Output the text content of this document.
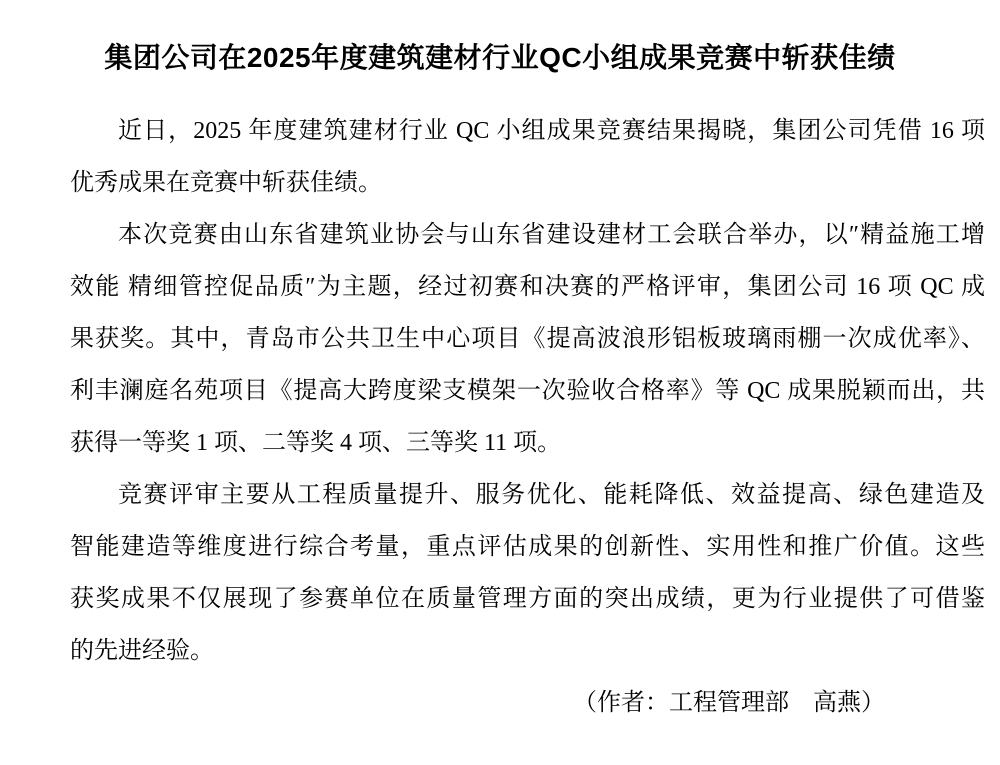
集团公司在2025年度建筑建材行业QC小组成果竞赛中斩获佳绩
近日，2025 年度建筑建材行业 QC 小组成果竞赛结果揭晓，集团公司凭借 16 项
优秀成果在竞赛中斩获佳绩。
本次竞赛由山东省建筑业协会与山东省建设建材工会联合举办，以″精益施工增
效能 精细管控促品质″为主题，经过初赛和决赛的严格评审，集团公司 16 项 QC 成
果获奖。其中，青岛市公共卫生中心项目《提高波浪形铝板玻璃雨棚一次成优率》、
利丰澜庭名苑项目《提高大跨度梁支模架一次验收合格率》等 QC 成果脱颖而出，共
获得一等奖 1 项、二等奖 4 项、三等奖 11 项。
竞赛评审主要从工程质量提升、服务优化、能耗降低、效益提高、绿色建造及
智能建造等维度进行综合考量，重点评估成果的创新性、实用性和推广价值。这些
获奖成果不仅展现了参赛单位在质量管理方面的突出成绩，更为行业提供了可借鉴
的先进经验。
（作者：工程管理部　高燕）
